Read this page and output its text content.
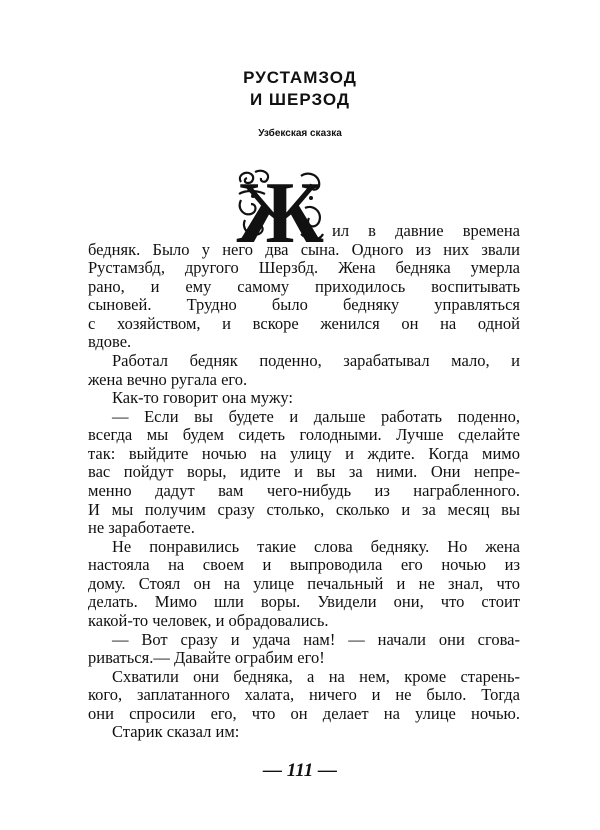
РУСТАМЗОД
И ШЕРЗОД

Узбекская сказка

Ж ил в давние времена

бедняк. Было у него два сына. Одного из них звали

Рустамзбд, другого Шерзбд. Жена бедняка умерла

рано, и ему самому приходилось воспитывать

сыновей. Трудно было бедняку управляться

с хозяйством, и вскоре женился он на одной

вдове.

Работал бедняк поденно, зарабатывал мало, и

жена вечно ругала его.

Как-то говорит она мужу:

— Если вы будете и дальше работать поденно,

всегда мы будем сидеть голодными. Лучше сделайте

так: выйдите ночью на улицу и ждите. Когда мимо

вас пойдут воры, идите и вы за ними. Они непре-

менно дадут вам чего-нибудь из награбленного.

И мы получим сразу столько, сколько и за месяц вы

не заработаете.

Не понравились такие слова бедняку. Но жена

настояла на своем и выпроводила его ночью из

дому. Стоял он на улице печальный и не знал, что

делать. Мимо шли воры. Увидели они, что стоит

— 111 —

какой-то человек, и обрадовались.

— Вот сразу и удача нам! — начали они сгова-

риваться.— Давайте ограбим его!

Схватили они бедняка, а на нем, кроме старень-

кого, заплатанного халата, ничего и не было. Тогда

они спросили его, что он делает на улице ночью.

Старик сказал им:
